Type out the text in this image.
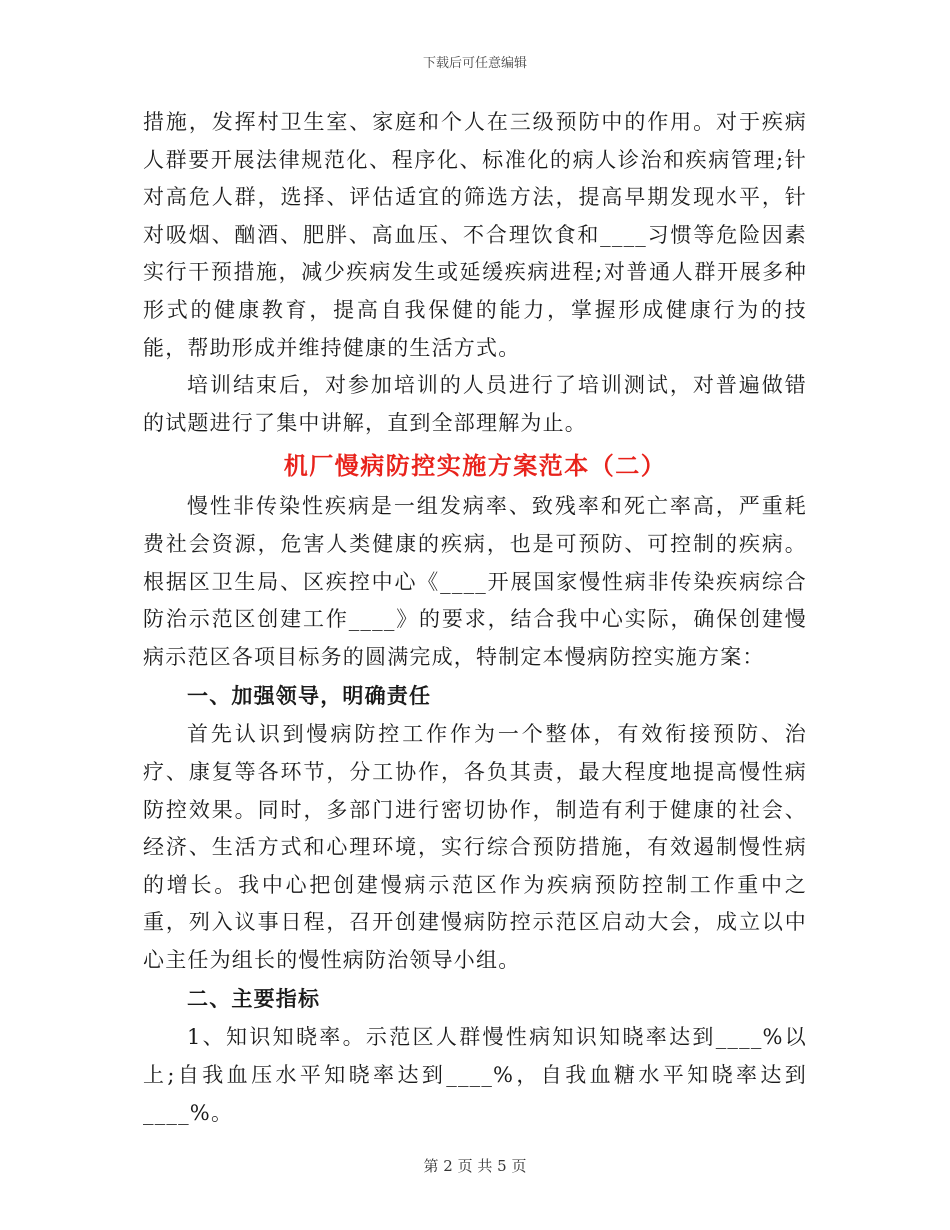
下载后可任意编辑

措施，发挥村卫生室、家庭和个人在三级预防中的作用。对于疾病人群要开展法律规范化、程序化、标准化的病人诊治和疾病管理;针对高危人群，选择、评估适宜的筛选方法，提高早期发现水平，针对吸烟、酗酒、肥胖、高血压、不合理饮食和____习惯等危险因素实行干预措施，减少疾病发生或延缓疾病进程;对普通人群开展多种形式的健康教育，提高自我保健的能力，掌握形成健康行为的技能，帮助形成并维持健康的生活方式。

培训结束后，对参加培训的人员进行了培训测试，对普遍做错的试题进行了集中讲解，直到全部理解为止。

机厂慢病防控实施方案范本（二）

慢性非传染性疾病是一组发病率、致残率和死亡率高，严重耗费社会资源，危害人类健康的疾病，也是可预防、可控制的疾病。根据区卫生局、区疾控中心《____开展国家慢性病非传染疾病综合防治示范区创建工作____》的要求，结合我中心实际，确保创建慢病示范区各项目标务的圆满完成，特制定本慢病防控实施方案：

一、加强领导，明确责任

首先认识到慢病防控工作作为一个整体，有效衔接预防、治疗、康复等各环节，分工协作，各负其责，最大程度地提高慢性病防控效果。同时，多部门进行密切协作，制造有利于健康的社会、经济、生活方式和心理环境，实行综合预防措施，有效遏制慢性病的增长。我中心把创建慢病示范区作为疾病预防控制工作重中之重，列入议事日程，召开创建慢病防控示范区启动大会，成立以中心主任为组长的慢性病防治领导小组。

二、主要指标

1、知识知晓率。示范区人群慢性病知识知晓率达到____%以上;自我血压水平知晓率达到____%，自我血糖水平知晓率达到____%。

第 2 页 共 5 页
